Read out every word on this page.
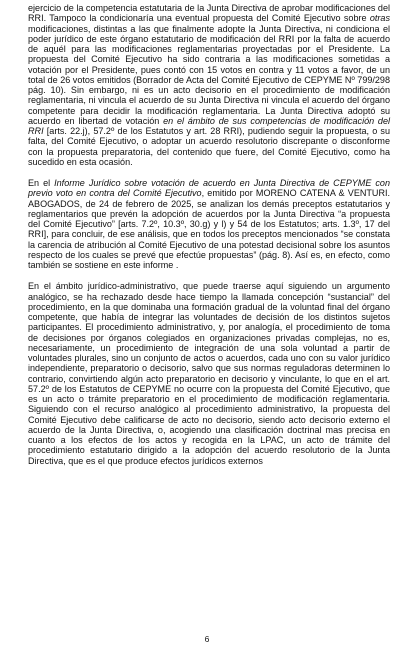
ejercicio de la competencia estatutaria de la Junta Directiva de aprobar modificaciones del RRI. Tampoco la condicionaría una eventual propuesta del Comité Ejecutivo sobre otras modificaciones, distintas a las que finalmente adopte la Junta Directiva, ni condiciona el poder jurídico de este órgano estatutario de modificación del RRI por la falta de acuerdo de aquél para las modificaciones reglamentarias proyectadas por el Presidente. La propuesta del Comité Ejecutivo ha sido contraria a las modificaciones sometidas a votación por el Presidente, pues contó con 15 votos en contra y 11 votos a favor, de un total de 26 votos emitidos (Borrador de Acta del Comité Ejecutivo de CEPYME Nº 799/298 pág. 10). Sin embargo, ni es un acto decisorio en el procedimiento de modificación reglamentaria, ni vincula el acuerdo de su Junta Directiva ni vincula el acuerdo del órgano competente para decidir la modificación reglamentaria. La Junta Directiva adoptó su acuerdo en libertad de votación en el ámbito de sus competencias de modificación del RRI [arts. 22.j), 57.2º de los Estatutos y art. 28 RRI), pudiendo seguir la propuesta, o su falta, del Comité Ejecutivo, o adoptar un acuerdo resolutorio discrepante o disconforme con la propuesta preparatoria, del contenido que fuere, del Comité Ejecutivo, como ha sucedido en esta ocasión.

En el Informe Jurídico sobre votación de acuerdo en Junta Directiva de CEPYME con previo voto en contra del Comité Ejecutivo, emitido por MORENO CATENA & VENTURI. ABOGADOS, de 24 de febrero de 2025, se analizan los demás preceptos estatutarios y reglamentarios que prevén la adopción de acuerdos por la Junta Directiva “a propuesta del Comité Ejecutivo” [arts. 7.2º, 10.3º, 30.g) y l) y 54 de los Estatutos; arts. 1.3º, 17 del RRI], para concluir, de ese análisis, que en todos los preceptos mencionados “se constata la carencia de atribución al Comité Ejecutivo de una potestad decisional sobre los asuntos respecto de los cuales se prevé que efectúe propuestas” (pág. 8). Así es, en efecto, como también se sostiene en este informe .

En el ámbito jurídico-administrativo, que puede traerse aquí siguiendo un argumento analógico, se ha rechazado desde hace tiempo la llamada concepción “sustancial” del procedimiento, en la que dominaba una formación gradual de la voluntad final del órgano competente, que había de integrar las voluntades de decisión de los distintos sujetos participantes. El procedimiento administrativo, y, por analogía, el procedimiento de toma de decisiones por órganos colegiados en organizaciones privadas complejas, no es, necesariamente, un procedimiento de integración de una sola voluntad a partir de voluntades plurales, sino un conjunto de actos o acuerdos, cada uno con su valor jurídico independiente, preparatorio o decisorio, salvo que sus normas reguladoras determinen lo contrario, convirtiendo algún acto preparatorio en decisorio y vinculante, lo que en el art. 57.2º de los Estatutos de CEPYME no ocurre con la propuesta del Comité Ejecutivo, que es un acto o trámite preparatorio en el procedimiento de modificación reglamentaria. Siguiendo con el recurso analógico al procedimiento administrativo, la propuesta del Comité Ejecutivo debe calificarse de acto no decisorio, siendo acto decisorio externo el acuerdo de la Junta Directiva, o, acogiendo una clasificación doctrinal mas precisa en cuanto a los efectos de los actos y recogida en la LPAC, un acto de trámite del procedimiento estatutario dirigido a la adopción del acuerdo resolutorio de la Junta Directiva, que es el que produce efectos jurídicos externos

6
